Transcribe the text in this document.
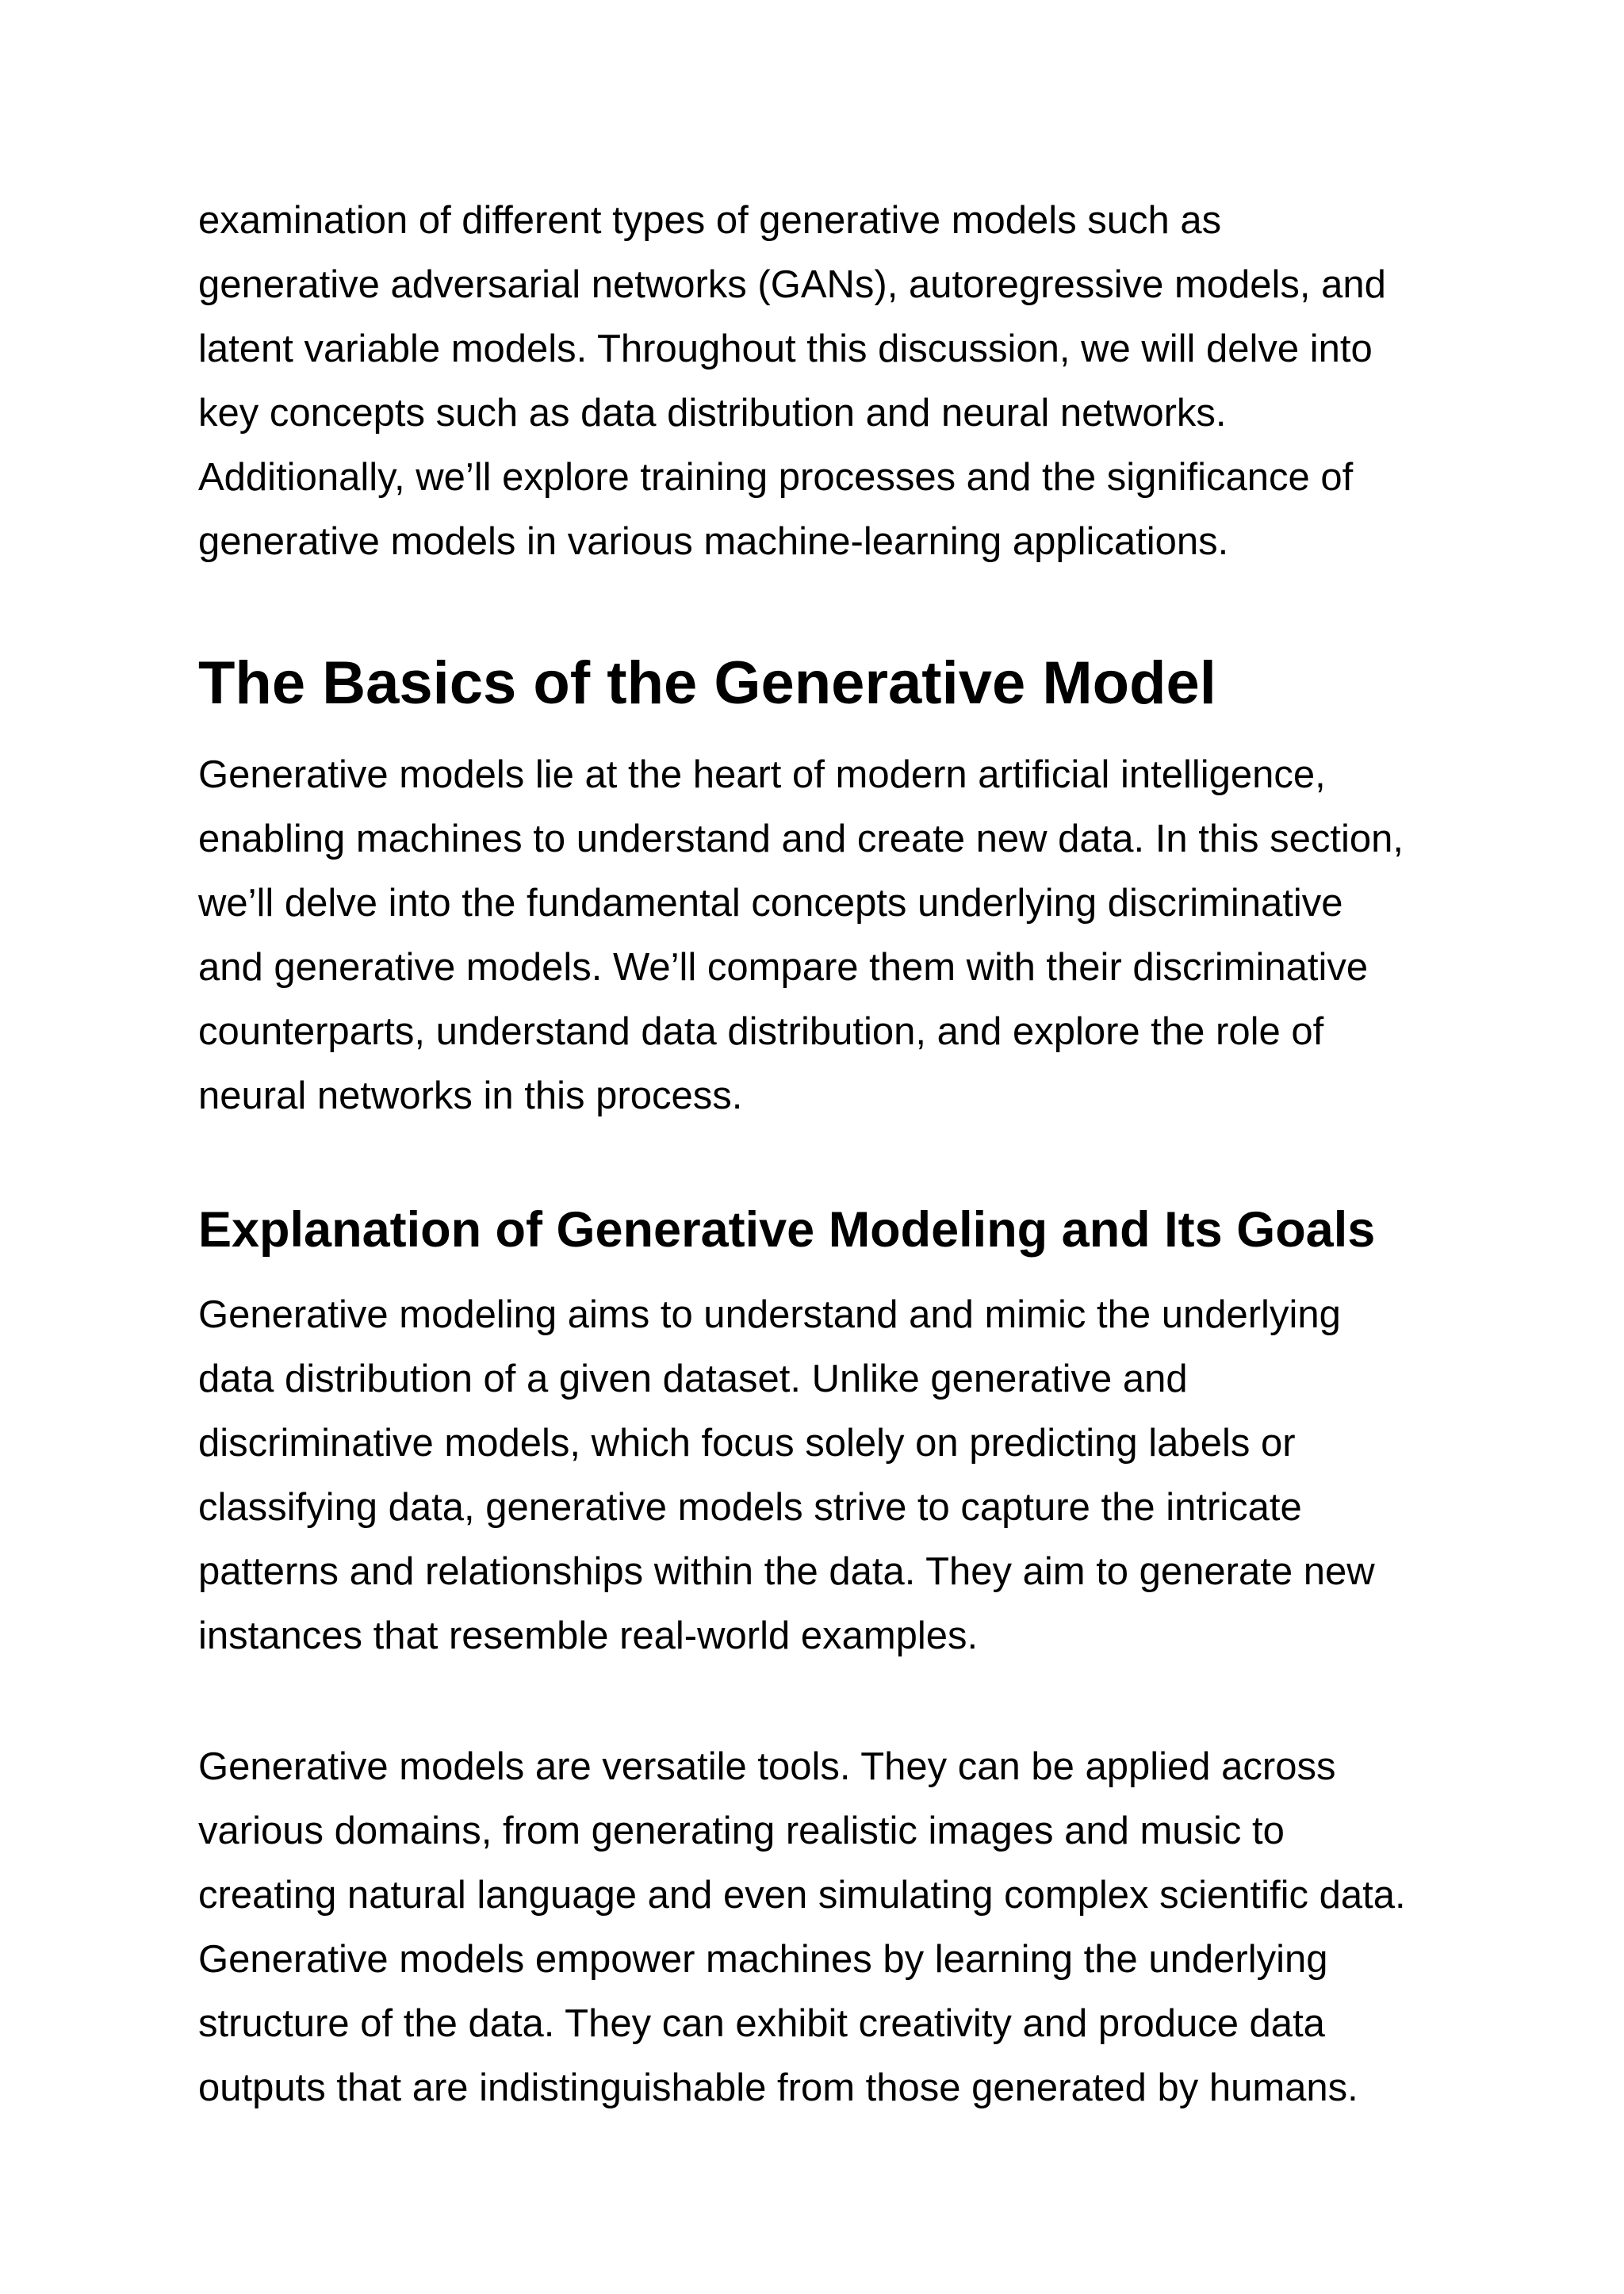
examination of different types of generative models such as
generative adversarial networks (GANs), autoregressive models, and
latent variable models. Throughout this discussion, we will delve into
key concepts such as data distribution and neural networks.
Additionally, we’ll explore training processes and the significance of
generative models in various machine-learning applications.

The Basics of the Generative Model

Generative models lie at the heart of modern artificial intelligence,
enabling machines to understand and create new data. In this section,
we’ll delve into the fundamental concepts underlying discriminative
and generative models. We’ll compare them with their discriminative
counterparts, understand data distribution, and explore the role of
neural networks in this process.

Explanation of Generative Modeling and Its Goals

Generative modeling aims to understand and mimic the underlying
data distribution of a given dataset. Unlike generative and
discriminative models, which focus solely on predicting labels or
classifying data, generative models strive to capture the intricate
patterns and relationships within the data. They aim to generate new
instances that resemble real-world examples.

Generative models are versatile tools. They can be applied across
various domains, from generating realistic images and music to
creating natural language and even simulating complex scientific data.
Generative models empower machines by learning the underlying
structure of the data. They can exhibit creativity and produce data
outputs that are indistinguishable from those generated by humans.
